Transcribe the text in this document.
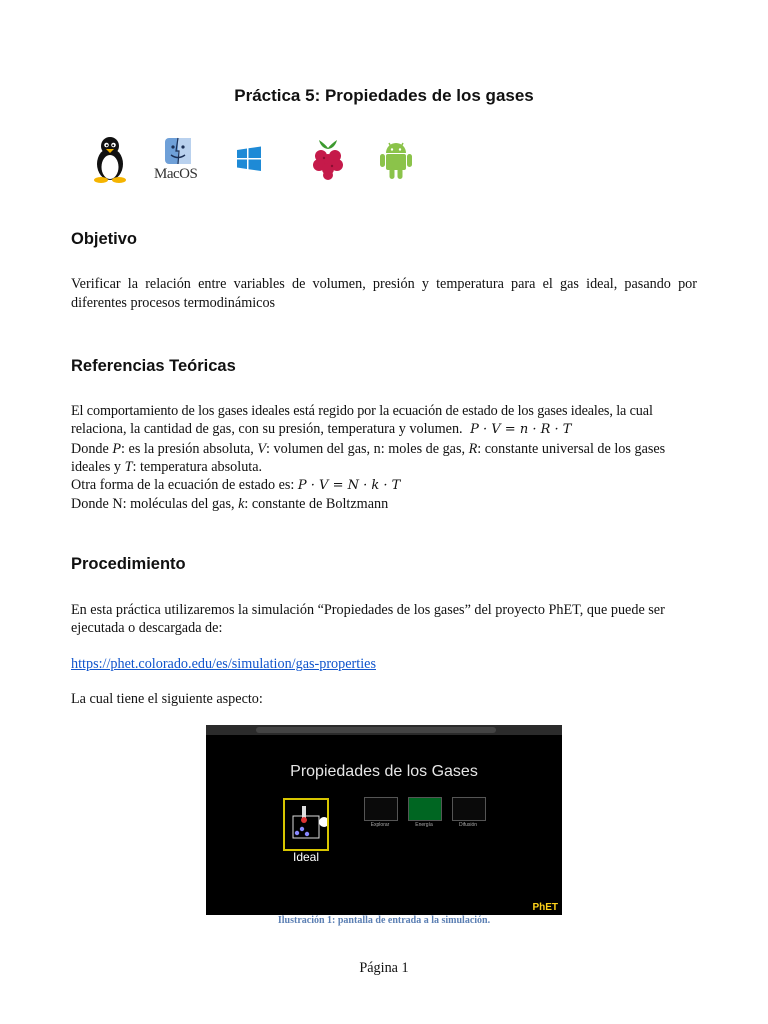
Práctica 5: Propiedades de los gases
MacOS
Objetivo
Verificar la relación entre variables de volumen, presión y temperatura para el gas ideal, pasando por
diferentes procesos termodinámicos
Referencias Teóricas
El comportamiento de los gases ideales está regido por la ecuación de estado de los gases ideales, la cual
relaciona, la cantidad de gas, con su presión, temperatura y volumen. P · V = n · R · T
Donde P: es la presión absoluta, V: volumen del gas, n: moles de gas, R: constante universal de los gases
ideales y T: temperatura absoluta.
Otra forma de la ecuación de estado es: P · V = N · k · T
Donde N: moléculas del gas, k: constante de Boltzmann
Procedimiento
En esta práctica utilizaremos la simulación “Propiedades de los gases” del proyecto PhET, que puede ser
ejecutada o descargada de:
https://phet.colorado.edu/es/simulation/gas-properties
La cual tiene el siguiente aspecto:
Propiedades de los Gases
Ideal
Explorar	Energía	Difusión
PhET
Ilustración 1: pantalla de entrada a la simulación.
Página 1
